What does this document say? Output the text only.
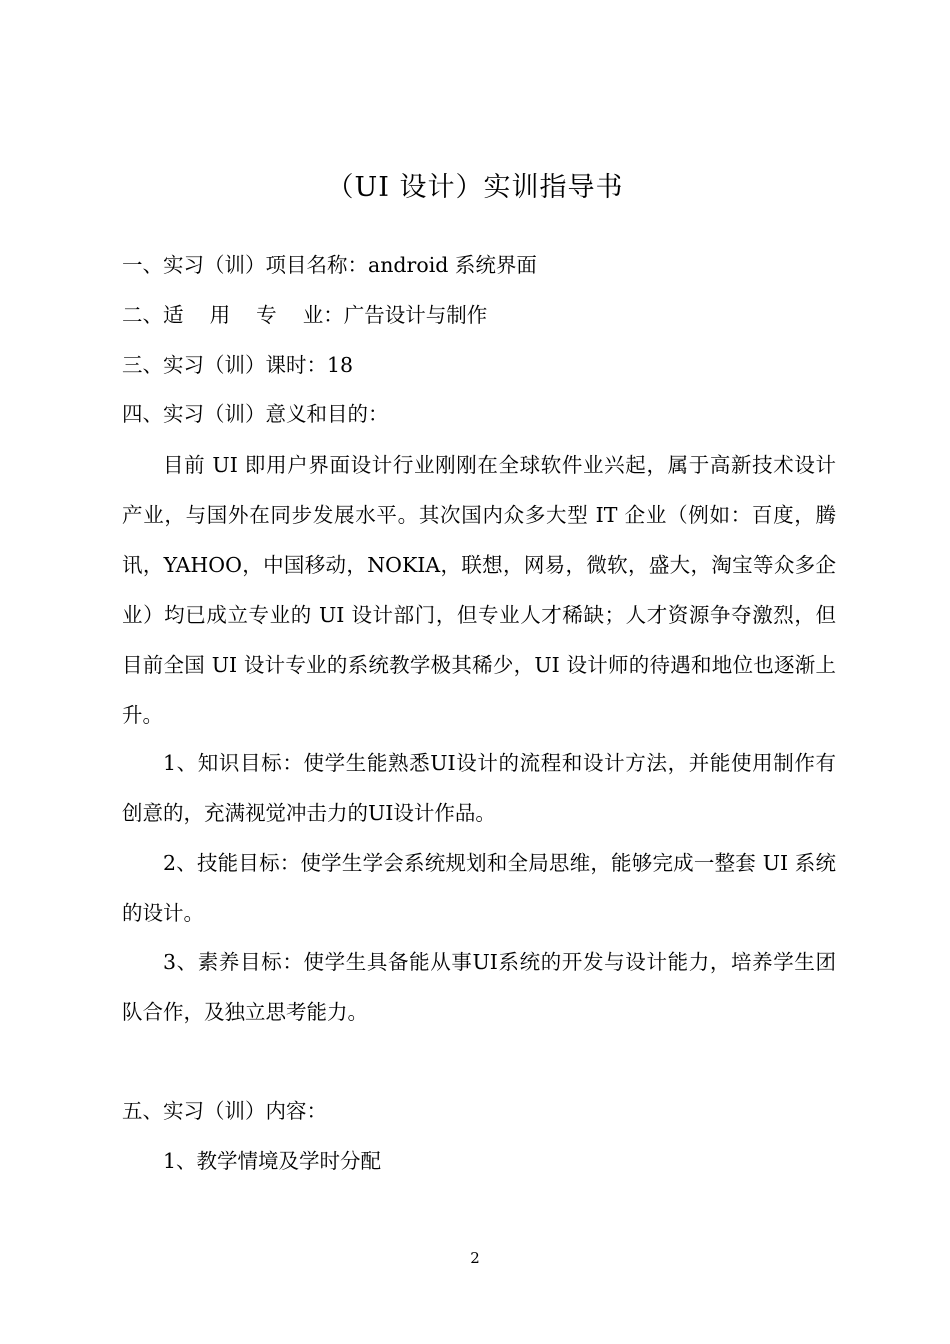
（UI 设计）实训指导书
一、实习（训）项目名称：android 系统界面
二、适    用    专    业：广告设计与制作
三、实习（训）课时：18
四、实习（训）意义和目的：
目前 UI 即用户界面设计行业刚刚在全球软件业兴起，属于高新技术设计产业，与国外在同步发展水平。其次国内众多大型 IT 企业（例如：百度，腾讯，YAHOO，中国移动，NOKIA，联想，网易，微软，盛大，淘宝等众多企业）均已成立专业的 UI 设计部门，但专业人才稀缺；人才资源争夺激烈，但目前全国 UI 设计专业的系统教学极其稀少，UI 设计师的待遇和地位也逐渐上升。
1、知识目标：使学生能熟悉UI设计的流程和设计方法，并能使用制作有创意的，充满视觉冲击力的UI设计作品。
2、技能目标：使学生学会系统规划和全局思维，能够完成一整套 UI 系统的设计。
3、素养目标：使学生具备能从事UI系统的开发与设计能力，培养学生团队合作，及独立思考能力。
五、实习（训）内容：
1、教学情境及学时分配
2
